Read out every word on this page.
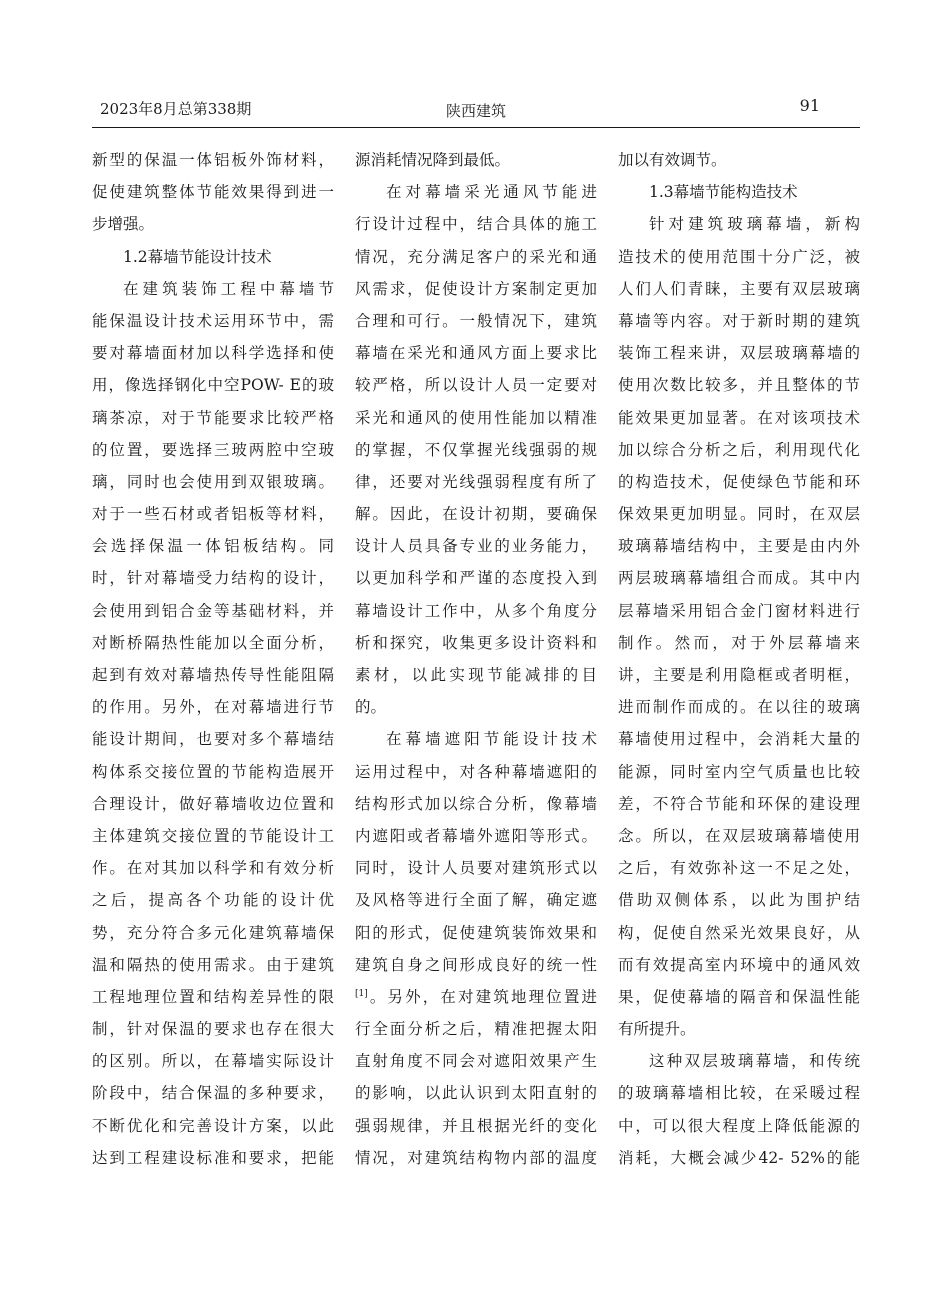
2023年8月总第338期	陕西建筑	91
新型的保温一体铝板外饰材料，
促使建筑整体节能效果得到进一
步增强。
1.2幕墙节能设计技术
在建筑装饰工程中幕墙节
能保温设计技术运用环节中，需
要对幕墙面材加以科学选择和使
用，像选择钢化中空POW- E的玻
璃茶凉，对于节能要求比较严格
的位置，要选择三玻两腔中空玻
璃，同时也会使用到双银玻璃。
对于一些石材或者铝板等材料，
会选择保温一体铝板结构。同
时，针对幕墙受力结构的设计，
会使用到铝合金等基础材料，并
对断桥隔热性能加以全面分析，
起到有效对幕墙热传导性能阻隔
的作用。另外，在对幕墙进行节
能设计期间，也要对多个幕墙结
构体系交接位置的节能构造展开
合理设计，做好幕墙收边位置和
主体建筑交接位置的节能设计工
作。在对其加以科学和有效分析
之后，提高各个功能的设计优
势，充分符合多元化建筑幕墙保
温和隔热的使用需求。由于建筑
工程地理位置和结构差异性的限
制，针对保温的要求也存在很大
的区别。所以，在幕墙实际设计
阶段中，结合保温的多种要求，
不断优化和完善设计方案，以此
达到工程建设标准和要求，把能
源消耗情况降到最低。
在对幕墙采光通风节能进
行设计过程中，结合具体的施工
情况，充分满足客户的采光和通
风需求，促使设计方案制定更加
合理和可行。一般情况下，建筑
幕墙在采光和通风方面上要求比
较严格，所以设计人员一定要对
采光和通风的使用性能加以精准
的掌握，不仅掌握光线强弱的规
律，还要对光线强弱程度有所了
解。因此，在设计初期，要确保
设计人员具备专业的业务能力，
以更加科学和严谨的态度投入到
幕墙设计工作中，从多个角度分
析和探究，收集更多设计资料和
素材，以此实现节能减排的目
的。
在幕墙遮阳节能设计技术
运用过程中，对各种幕墙遮阳的
结构形式加以综合分析，像幕墙
内遮阳或者幕墙外遮阳等形式。
同时，设计人员要对建筑形式以
及风格等进行全面了解，确定遮
阳的形式，促使建筑装饰效果和
建筑自身之间形成良好的统一性
[1]。另外，在对建筑地理位置进
行全面分析之后，精准把握太阳
直射角度不同会对遮阳效果产生
的影响，以此认识到太阳直射的
强弱规律，并且根据光纤的变化
情况，对建筑结构物内部的温度
加以有效调节。
1.3幕墙节能构造技术
针对建筑玻璃幕墙，新构
造技术的使用范围十分广泛，被
人们人们青睐，主要有双层玻璃
幕墙等内容。对于新时期的建筑
装饰工程来讲，双层玻璃幕墙的
使用次数比较多，并且整体的节
能效果更加显著。在对该项技术
加以综合分析之后，利用现代化
的构造技术，促使绿色节能和环
保效果更加明显。同时，在双层
玻璃幕墙结构中，主要是由内外
两层玻璃幕墙组合而成。其中内
层幕墙采用铝合金门窗材料进行
制作。然而，对于外层幕墙来
讲，主要是利用隐框或者明框，
进而制作而成的。在以往的玻璃
幕墙使用过程中，会消耗大量的
能源，同时室内空气质量也比较
差，不符合节能和环保的建设理
念。所以，在双层玻璃幕墙使用
之后，有效弥补这一不足之处，
借助双侧体系，以此为围护结
构，促使自然采光效果良好，从
而有效提高室内环境中的通风效
果，促使幕墙的隔音和保温性能
有所提升。
这种双层玻璃幕墙，和传统
的玻璃幕墙相比较，在采暖过程
中，可以很大程度上降低能源的
消耗，大概会减少42- 52%的能
